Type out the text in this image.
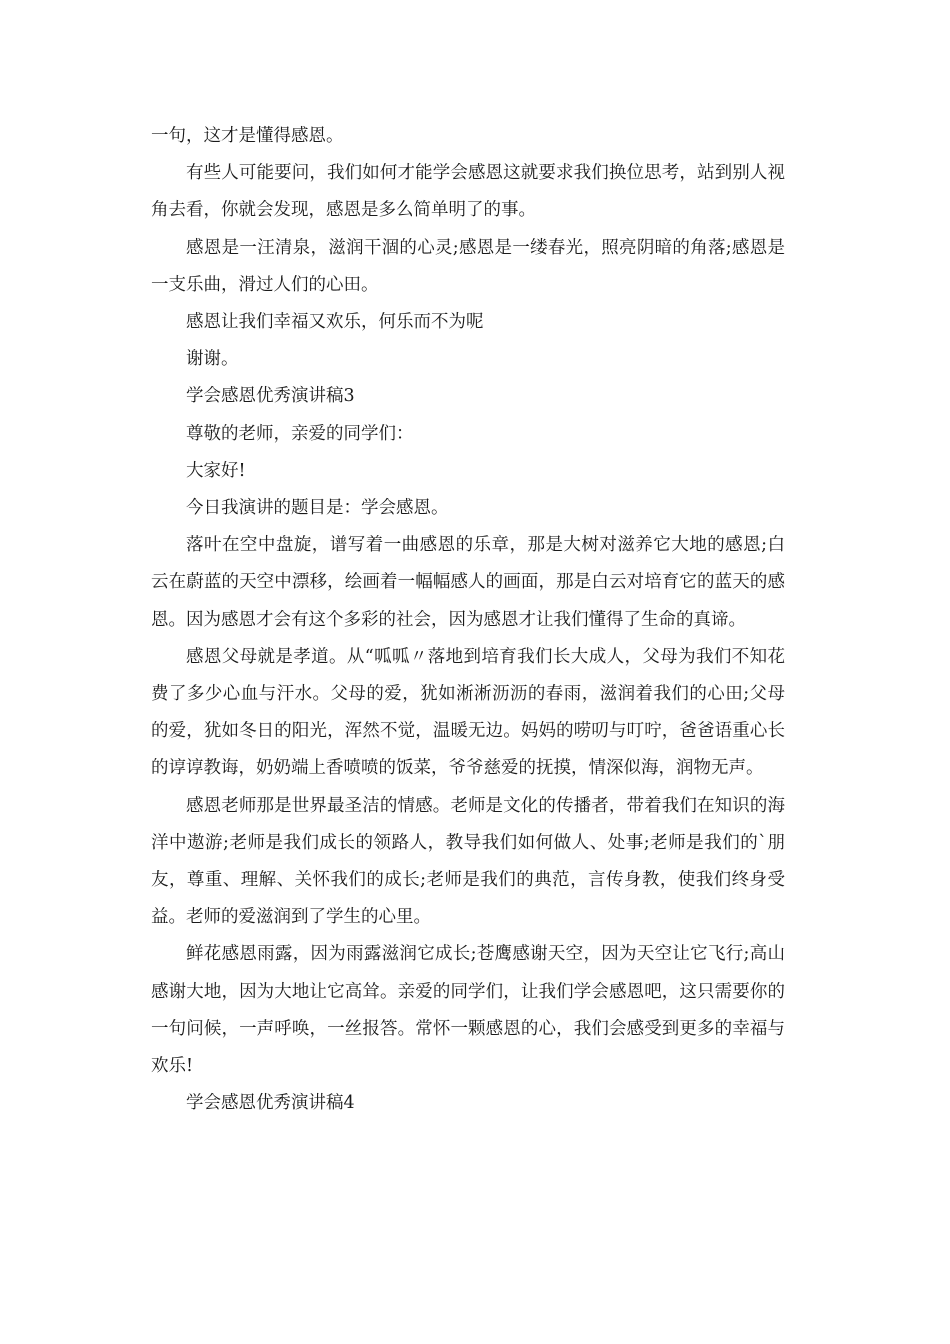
一句，这才是懂得感恩。

有些人可能要问，我们如何才能学会感恩这就要求我们换位思考，站到别人视角去看，你就会发现，感恩是多么简单明了的事。

感恩是一汪清泉，滋润干涸的心灵;感恩是一缕春光，照亮阴暗的角落;感恩是一支乐曲，滑过人们的心田。

感恩让我们幸福又欢乐，何乐而不为呢

谢谢。

学会感恩优秀演讲稿3

尊敬的老师，亲爱的同学们：

大家好!

今日我演讲的题目是：学会感恩。

落叶在空中盘旋，谱写着一曲感恩的乐章，那是大树对滋养它大地的感恩;白云在蔚蓝的天空中漂移，绘画着一幅幅感人的画面，那是白云对培育它的蓝天的感恩。因为感恩才会有这个多彩的社会，因为感恩才让我们懂得了生命的真谛。

感恩父母就是孝道。从“呱呱〃落地到培育我们长大成人，父母为我们不知花费了多少心血与汗水。父母的爱，犹如淅淅沥沥的春雨，滋润着我们的心田;父母的爱，犹如冬日的阳光，浑然不觉，温暖无边。妈妈的唠叨与叮咛，爸爸语重心长的谆谆教诲，奶奶端上香喷喷的饭菜，爷爷慈爱的抚摸，情深似海，润物无声。

感恩老师那是世界最圣洁的情感。老师是文化的传播者，带着我们在知识的海洋中遨游;老师是我们成长的领路人，教导我们如何做人、处事;老师是我们的`朋友，尊重、理解、关怀我们的成长;老师是我们的典范，言传身教，使我们终身受益。老师的爱滋润到了学生的心里。

鲜花感恩雨露，因为雨露滋润它成长;苍鹰感谢天空，因为天空让它飞行;高山感谢大地，因为大地让它高耸。亲爱的同学们，让我们学会感恩吧，这只需要你的一句问候，一声呼唤，一丝报答。常怀一颗感恩的心，我们会感受到更多的幸福与欢乐!

学会感恩优秀演讲稿4
